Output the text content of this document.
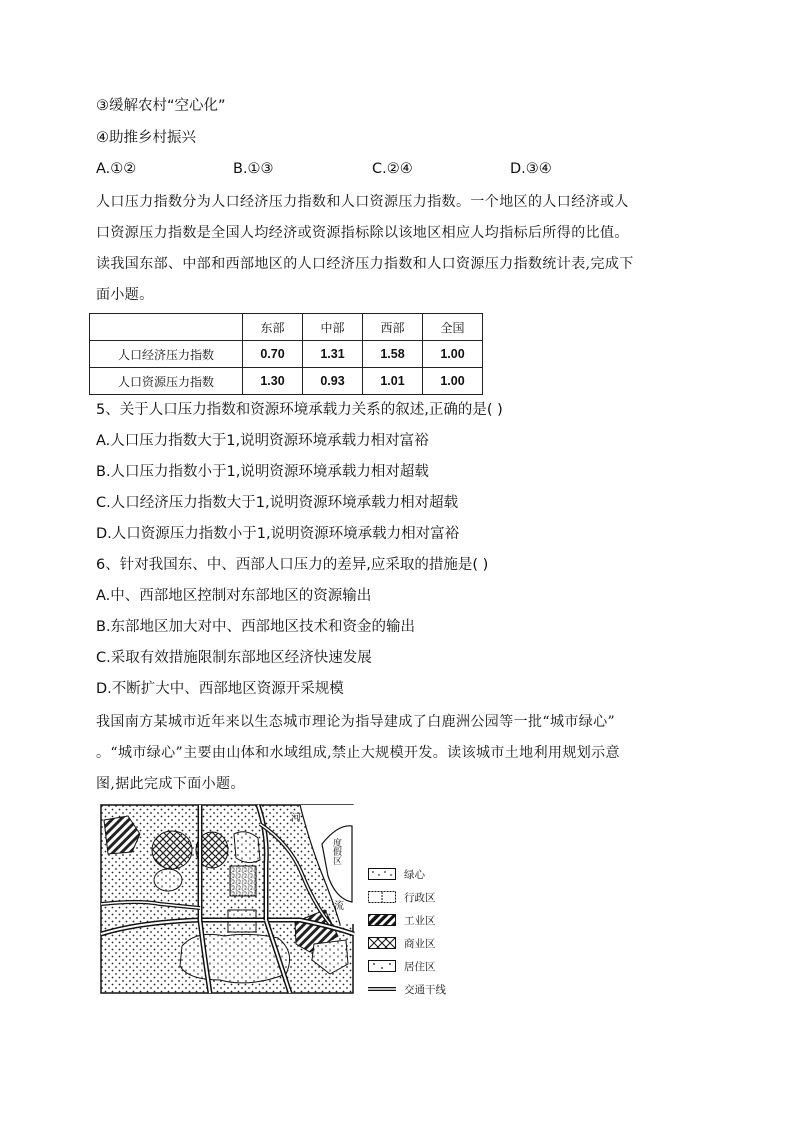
③缓解农村“空心化”
④助推乡村振兴
A.①②	B.①③	C.②④	D.③④
人口压力指数分为人口经济压力指数和人口资源压力指数。一个地区的人口经济或人
口资源压力指数是全国人均经济或资源指标除以该地区相应人均指标后所得的比值。
读我国东部、中部和西部地区的人口经济压力指数和人口资源压力指数统计表,完成下
面小题。
	东部	中部	西部	全国
人口经济压力指数	0.70	1.31	1.58	1.00
人口资源压力指数	1.30	0.93	1.01	1.00
5、关于人口压力指数和资源环境承载力关系的叙述,正确的是( )
A.人口压力指数大于1,说明资源环境承载力相对富裕
B.人口压力指数小于1,说明资源环境承载力相对超载
C.人口经济压力指数大于1,说明资源环境承载力相对超载
D.人口资源压力指数小于1,说明资源环境承载力相对富裕
6、针对我国东、中、西部人口压力的差异,应采取的措施是( )
A.中、西部地区控制对东部地区的资源输出
B.东部地区加大对中、西部地区技术和资金的输出
C.采取有效措施限制东部地区经济快速发展
D.不断扩大中、西部地区资源开采规模
我国南方某城市近年来以生态城市理论为指导建成了白鹿洲公园等一批“城市绿心”
。“城市绿心”主要由山体和水域组成,禁止大规模开发。读该城市土地利用规划示意
图,据此完成下面小题。
河
流
度假区
绿心
行政区
工业区
商业区
居住区
交通干线
